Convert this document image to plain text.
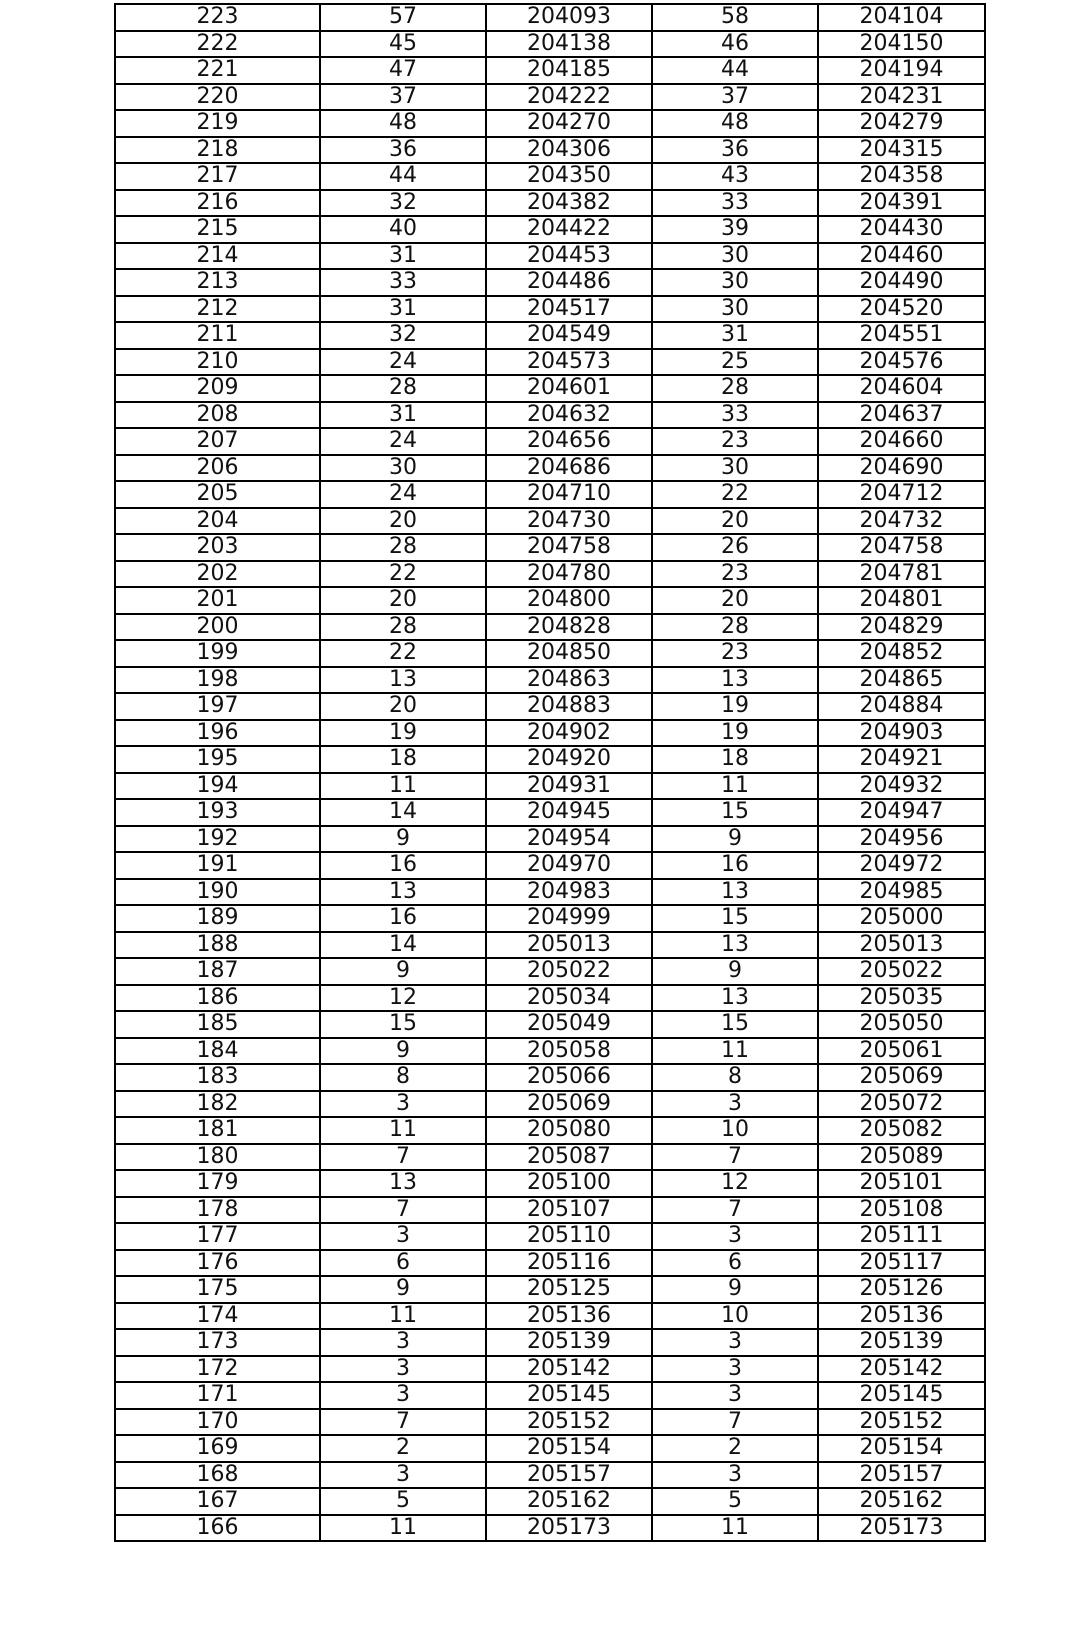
223	57	204093	58	204104
222	45	204138	46	204150
221	47	204185	44	204194
220	37	204222	37	204231
219	48	204270	48	204279
218	36	204306	36	204315
217	44	204350	43	204358
216	32	204382	33	204391
215	40	204422	39	204430
214	31	204453	30	204460
213	33	204486	30	204490
212	31	204517	30	204520
211	32	204549	31	204551
210	24	204573	25	204576
209	28	204601	28	204604
208	31	204632	33	204637
207	24	204656	23	204660
206	30	204686	30	204690
205	24	204710	22	204712
204	20	204730	20	204732
203	28	204758	26	204758
202	22	204780	23	204781
201	20	204800	20	204801
200	28	204828	28	204829
199	22	204850	23	204852
198	13	204863	13	204865
197	20	204883	19	204884
196	19	204902	19	204903
195	18	204920	18	204921
194	11	204931	11	204932
193	14	204945	15	204947
192	9	204954	9	204956
191	16	204970	16	204972
190	13	204983	13	204985
189	16	204999	15	205000
188	14	205013	13	205013
187	9	205022	9	205022
186	12	205034	13	205035
185	15	205049	15	205050
184	9	205058	11	205061
183	8	205066	8	205069
182	3	205069	3	205072
181	11	205080	10	205082
180	7	205087	7	205089
179	13	205100	12	205101
178	7	205107	7	205108
177	3	205110	3	205111
176	6	205116	6	205117
175	9	205125	9	205126
174	11	205136	10	205136
173	3	205139	3	205139
172	3	205142	3	205142
171	3	205145	3	205145
170	7	205152	7	205152
169	2	205154	2	205154
168	3	205157	3	205157
167	5	205162	5	205162
166	11	205173	11	205173
